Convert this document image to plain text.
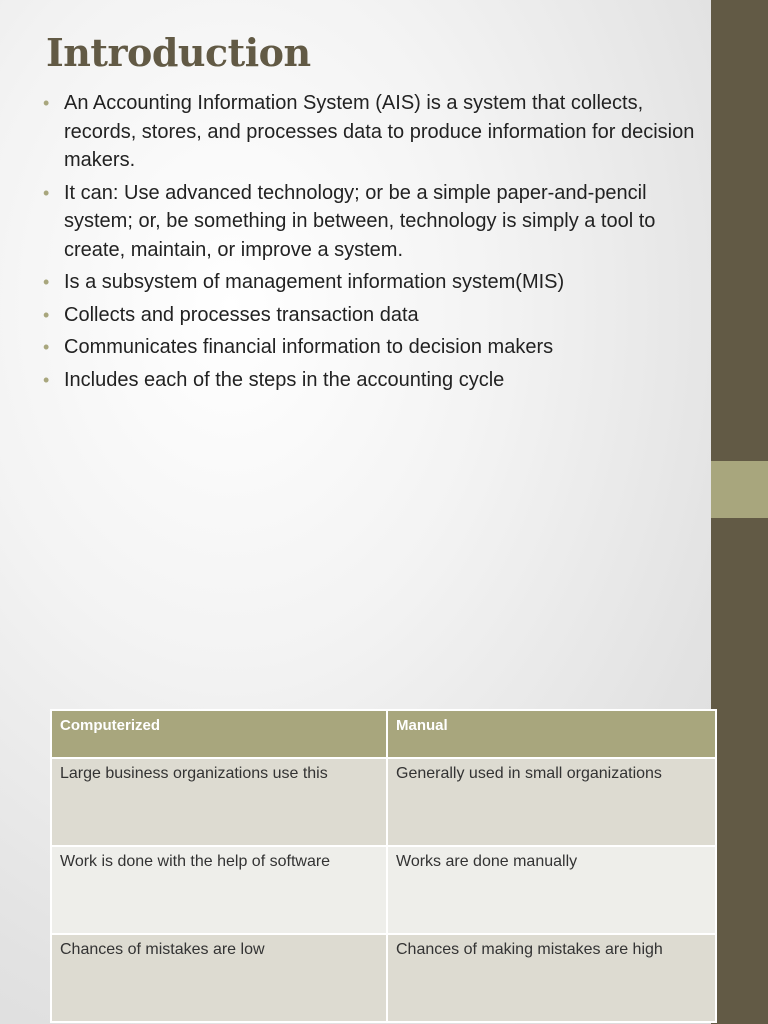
Introduction
• An Accounting Information System (AIS) is a system that collects, records, stores, and processes data to produce information for decision makers.
• It can: Use advanced technology; or be a simple paper-and-pencil system; or, be something in between, technology is simply a tool to create, maintain, or improve a system.
• Is a subsystem of management information system(MIS)
• Collects and processes transaction data
• Communicates financial information to decision makers
• Includes each of the steps in the accounting cycle
Computerized	Manual
Large business organizations use this	Generally used in small organizations
Work is done with the help of software	Works are done manually
Chances of mistakes are low	Chances of making mistakes are high
